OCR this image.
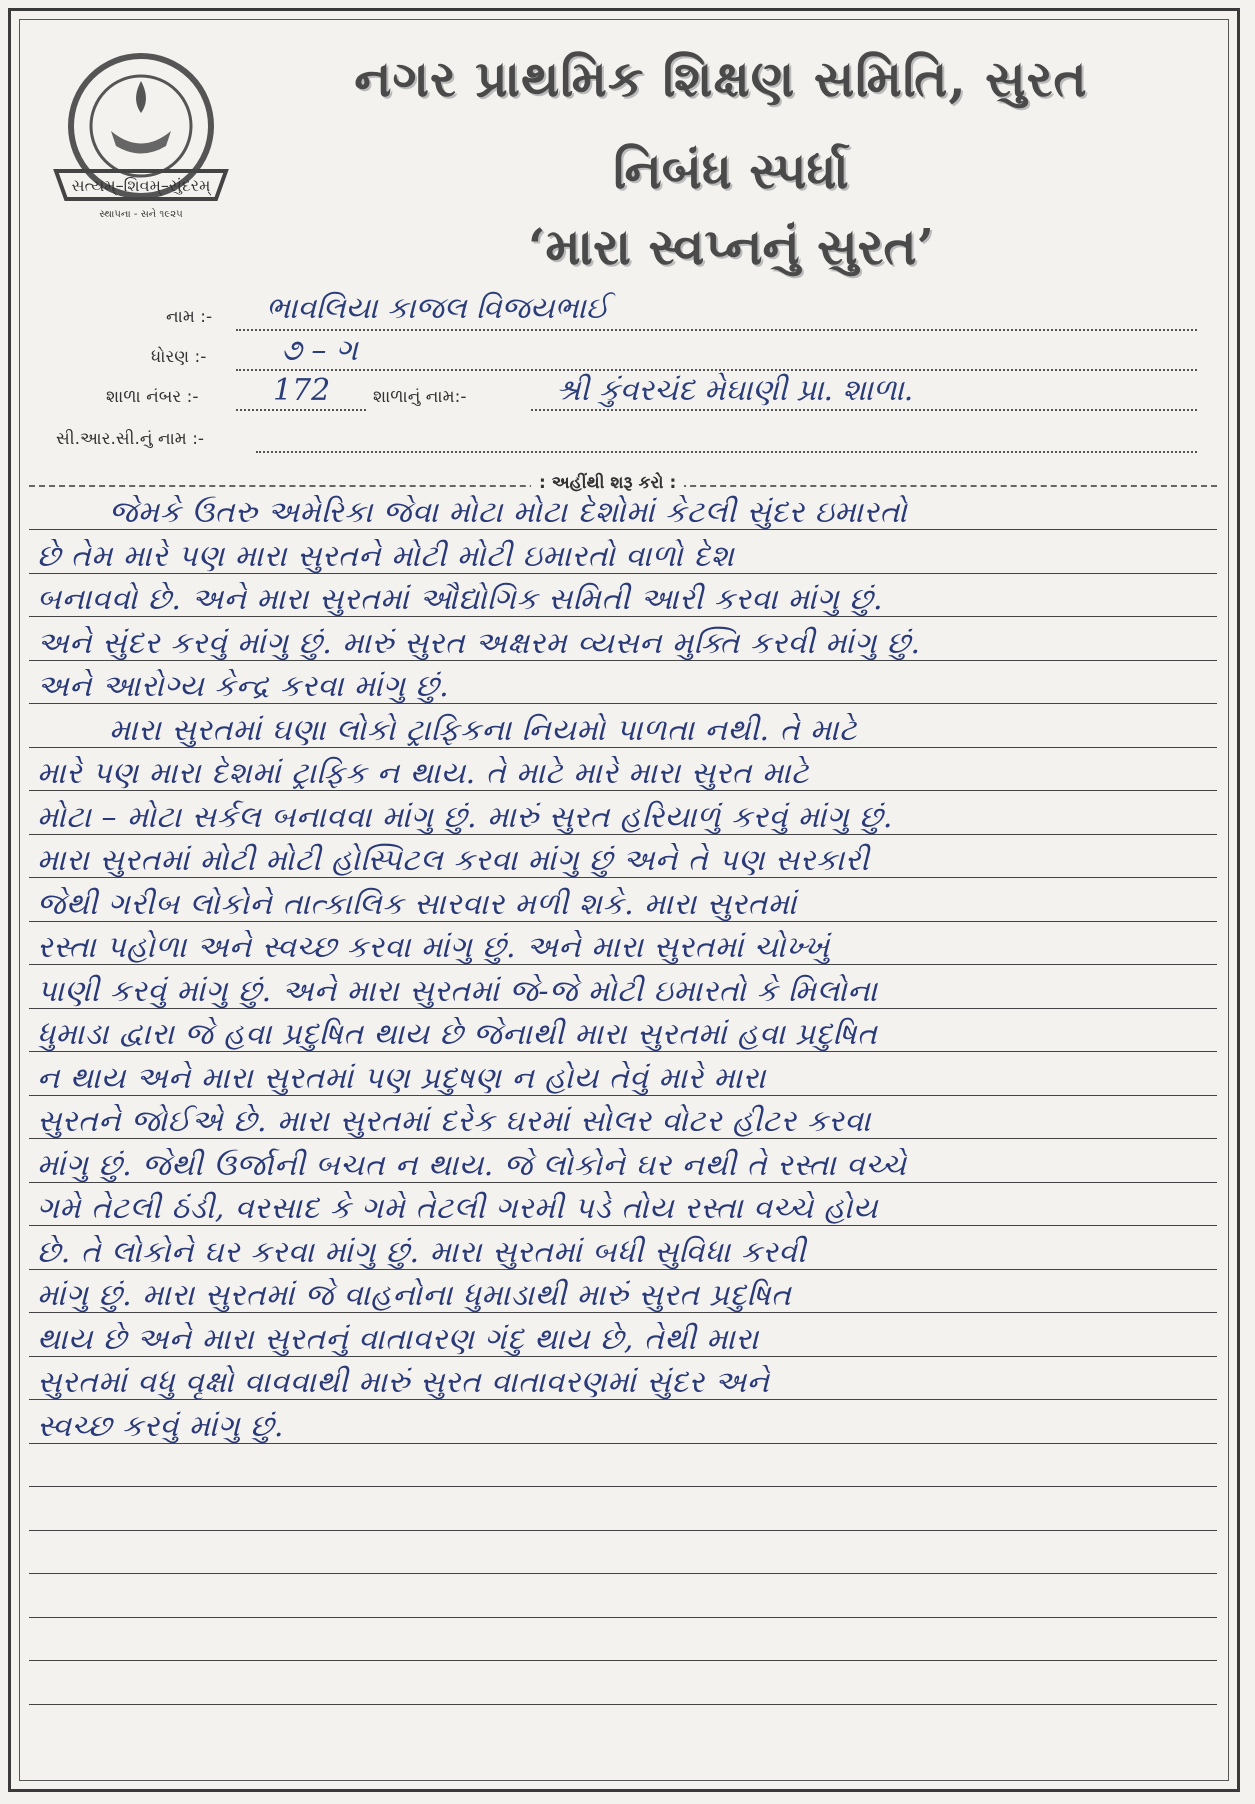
સત્યમ્–શિવમ્–સુંદરમ્
સ્થાપના - સને ૧૯૨૫
નગર પ્રાથમિક શિક્ષણ સમિતિ, સુરત
નિબંધ સ્પર્ધા
‘મારા સ્વપ્નનું સુરત’
નામ :- ભાવલિયા કાજલ વિજયભાઈ
ધોરણ :- ૭ – ગ
શાળા નંબર :- 172	શાળાનું નામ:-	શ્રી કુંવરચંદ મેઘાણી પ્રા. શાળા.
સી.આર.સી.નું નામ :-
: અહીંથી શરૂ કરો :
જેમકે ઉતરુ અમેરિકા જેવા મોટા મોટા દેશોમાં કેટલી સુંદર ઇમારતો
છે તેમ મારે પણ મારા સુરતને મોટી મોટી ઇમારતો વાળો દેશ
બનાવવો છે. અને મારા સુરતમાં ઔદ્યોગિક સમિતી આરી કરવા માંગુ છું.
અને સુંદર કરવું માંગુ છું. મારું સુરત અક્ષરમ વ્યસન મુક્તિ કરવી માંગુ છું.
અને આરોગ્ય કેન્દ્ર કરવા માંગુ છું.
મારા સુરતમાં ઘણા લોકો ટ્રાફિકના નિયમો પાળતા નથી. તે માટે
મારે પણ મારા દેશમાં ટ્રાફિક ન થાય. તે માટે મારે મારા સુરત માટે
મોટા – મોટા સર્કલ બનાવવા માંગુ છું. મારું સુરત હરિયાળું કરવું માંગુ છું.
મારા સુરતમાં મોટી મોટી હોસ્પિટલ કરવા માંગુ છું અને તે પણ સરકારી
જેથી ગરીબ લોકોને તાત્કાલિક સારવાર મળી શકે. મારા સુરતમાં
રસ્તા પહોળા અને સ્વચ્છ કરવા માંગુ છું. અને મારા સુરતમાં ચોખ્ખું
પાણી કરવું માંગુ છું. અને મારા સુરતમાં જે-જે મોટી ઇમારતો કે મિલોના
ધુમાડા દ્વારા જે હવા પ્રદુષિત થાય છે જેનાથી મારા સુરતમાં હવા પ્રદુષિત
ન થાય અને મારા સુરતમાં પણ પ્રદુષણ ન હોય તેવું મારે મારા
સુરતને જોઈએ છે. મારા સુરતમાં દરેક ઘરમાં સોલર વોટર હીટર કરવા
માંગુ છું. જેથી ઉર્જાની બચત ન થાય. જે લોકોને ઘર નથી તે રસ્તા વચ્ચે
ગમે તેટલી ઠંડી, વરસાદ કે ગમે તેટલી ગરમી પડે તોય રસ્તા વચ્ચે હોય
છે. તે લોકોને ઘર કરવા માંગુ છું. મારા સુરતમાં બધી સુવિધા કરવી
માંગુ છું. મારા સુરતમાં જે વાહનોના ધુમાડાથી મારું સુરત પ્રદુષિત
થાય છે અને મારા સુરતનું વાતાવરણ ગંદુ થાય છે, તેથી મારા
સુરતમાં વધુ વૃક્ષો વાવવાથી મારું સુરત વાતાવરણમાં સુંદર અને
સ્વચ્છ કરવું માંગુ છું.
